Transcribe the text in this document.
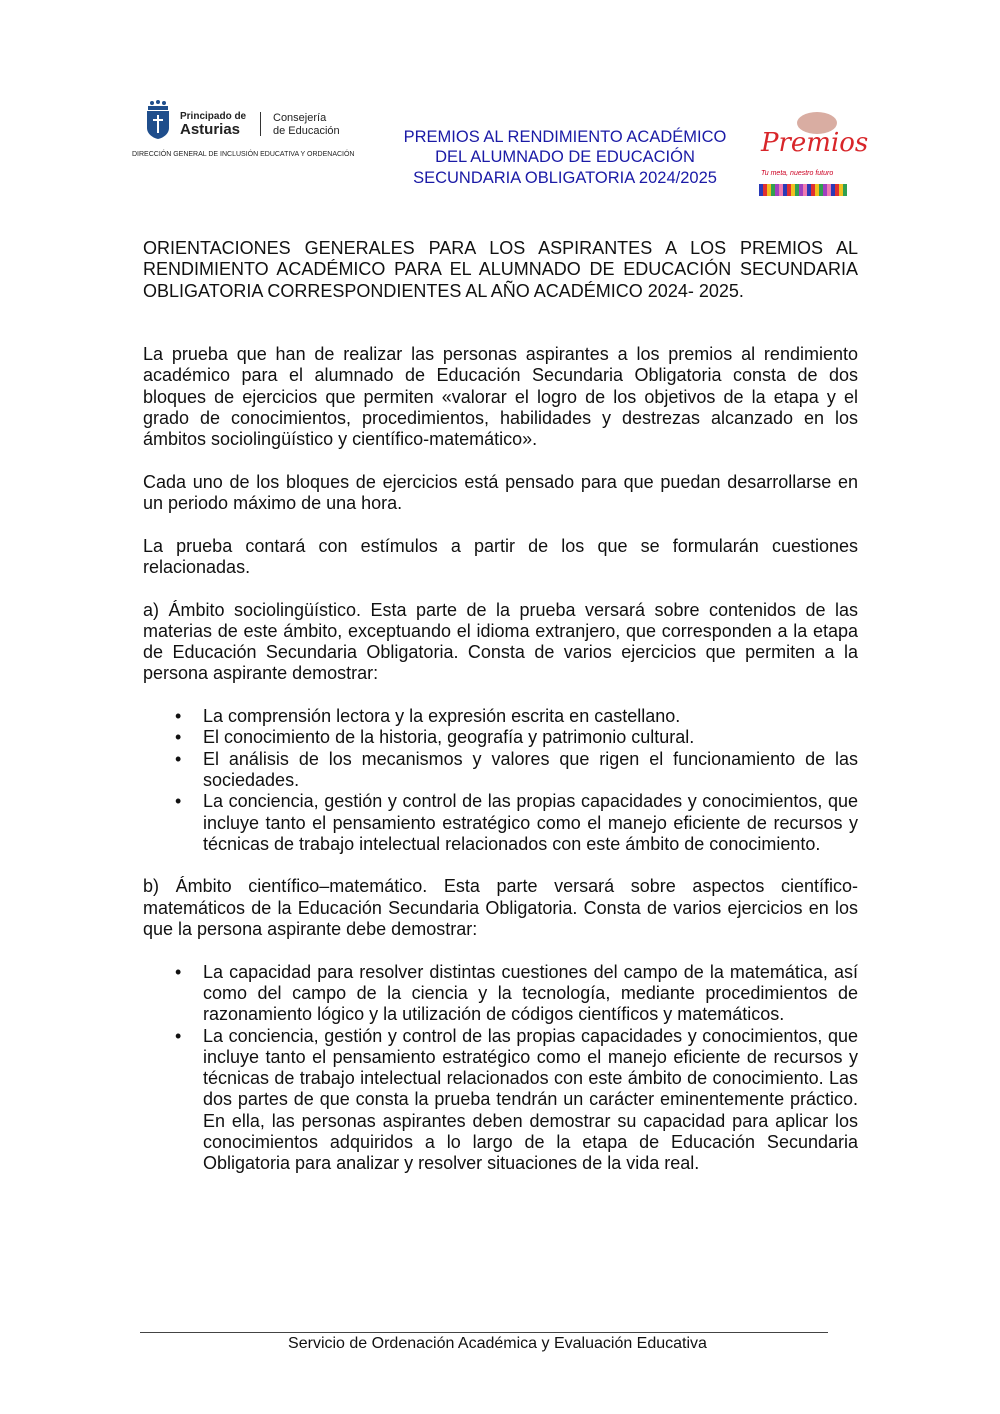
Principado de
Asturias
Consejería
de Educación
DIRECCIÓN GENERAL DE INCLUSIÓN EDUCATIVA Y ORDENACIÓN
PREMIOS AL RENDIMIENTO ACADÉMICO
DEL ALUMNADO DE EDUCACIÓN
SECUNDARIA OBLIGATORIA 2024/2025
Premios
Tu meta, nuestro futuro
ORIENTACIONES GENERALES PARA LOS ASPIRANTES A LOS PREMIOS AL RENDIMIENTO ACADÉMICO PARA EL ALUMNADO DE EDUCACIÓN SECUNDARIA OBLIGATORIA CORRESPONDIENTES AL AÑO ACADÉMICO 2024- 2025.

La prueba que han de realizar las personas aspirantes a los premios al rendimiento académico para el alumnado de Educación Secundaria Obligatoria consta de dos bloques de ejercicios que permiten «valorar el logro de los objetivos de la etapa y el grado de conocimientos, procedimientos, habilidades y destrezas alcanzado en los ámbitos sociolingüístico y científico-matemático».

Cada uno de los bloques de ejercicios está pensado para que puedan desarrollarse en un periodo máximo de una hora.

La prueba contará con estímulos a partir de los que se formularán cuestiones relacionadas.

a) Ámbito sociolingüístico. Esta parte de la prueba versará sobre contenidos de las materias de este ámbito, exceptuando el idioma extranjero, que corresponden a la etapa de Educación Secundaria Obligatoria. Consta de varios ejercicios que permiten a la persona aspirante demostrar:

• La comprensión lectora y la expresión escrita en castellano.
• El conocimiento de la historia, geografía y patrimonio cultural.
• El análisis de los mecanismos y valores que rigen el funcionamiento de las sociedades.
• La conciencia, gestión y control de las propias capacidades y conocimientos, que incluye tanto el pensamiento estratégico como el manejo eficiente de recursos y técnicas de trabajo intelectual relacionados con este ámbito de conocimiento.

b) Ámbito científico–matemático. Esta parte versará sobre aspectos científico-matemáticos de la Educación Secundaria Obligatoria. Consta de varios ejercicios en los que la persona aspirante debe demostrar:

• La capacidad para resolver distintas cuestiones del campo de la matemática, así como del campo de la ciencia y la tecnología, mediante procedimientos de razonamiento lógico y la utilización de códigos científicos y matemáticos.
• La conciencia, gestión y control de las propias capacidades y conocimientos, que incluye tanto el pensamiento estratégico como el manejo eficiente de recursos y técnicas de trabajo intelectual relacionados con este ámbito de conocimiento. Las dos partes de que consta la prueba tendrán un carácter eminentemente práctico. En ella, las personas aspirantes deben demostrar su capacidad para aplicar los conocimientos adquiridos a lo largo de la etapa de Educación Secundaria Obligatoria para analizar y resolver situaciones de la vida real.
Servicio de Ordenación Académica y Evaluación Educativa
